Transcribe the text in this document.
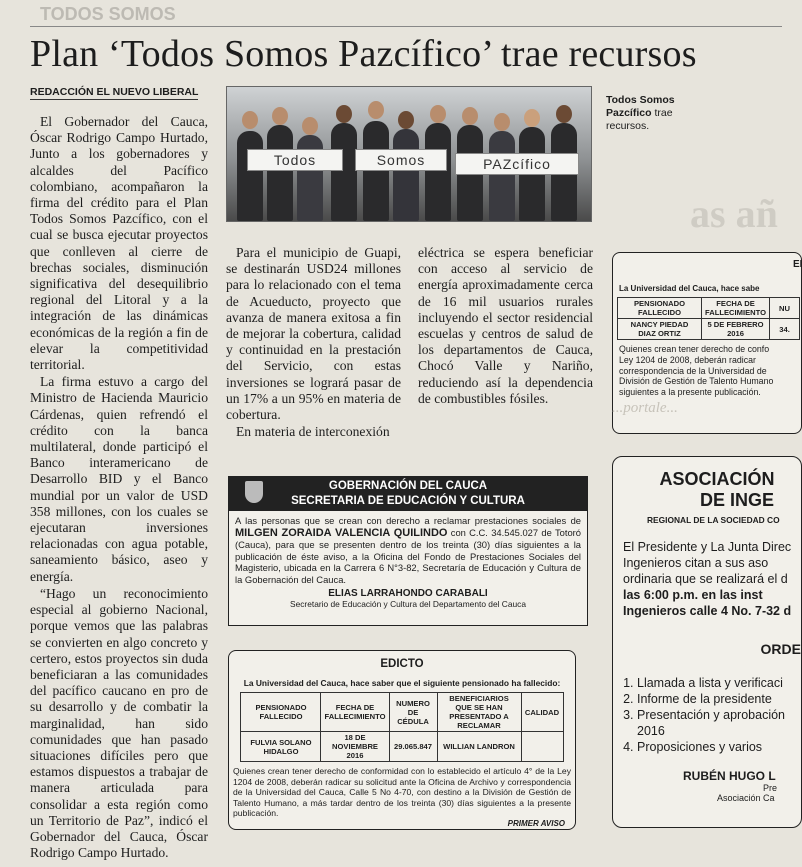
TODOS SOMOS
Plan ‘Todos Somos Pazcífico’ trae recursos
REDACCIÓN EL NUEVO LIBERAL

El Gobernador del Cauca, Óscar Rodrigo Campo Hurtado, Junto a los gobernadores y alcaldes del Pacífico colombiano, acompañaron la firma del crédito para el Plan Todos Somos Pazcífico, con el cual se busca ejecutar proyectos que conlleven al cierre de brechas sociales, disminución significativa del desequilibrio regional del Litoral y a la integración de las dinámicas económicas de la región a fin de elevar la competitividad territorial.

La firma estuvo a cargo del Ministro de Hacienda Mauricio Cárdenas, quien refrendó el crédito con la banca multilateral, donde participó el Banco interamericano de Desarrollo BID y el Banco mundial por un valor de USD 358 millones, con los cuales se ejecutaran inversiones relacionadas con agua potable, saneamiento básico, aseo y energía.

“Hago un reconocimiento especial al gobierno Nacional, porque vemos que las palabras se convierten en algo concreto y certero, estos proyectos sin duda beneficiaran a las comunidades del pacífico caucano en pro de su desarrollo y de combatir la marginalidad, han sido comunidades que han pasado situaciones difíciles pero que estamos dispuestos a trabajar de manera articulada para consolidar a esta región como un Territorio de Paz”, indicó el Gobernador del Cauca, Óscar Rodrigo Campo Hurtado.

Todos	Somos	PAZcífico
Todos Somos Pazcífico trae recursos.

Para el municipio de Guapi, se destinarán USD24 millones para lo relacionado con el tema de Acueducto, proyecto que avanza de manera exitosa a fin de mejorar la cobertura, calidad y continuidad en la prestación del Servicio, con estas inversiones se logrará pasar de un 17% a un 95% en materia de cobertura.

En materia de interconexión

eléctrica se espera beneficiar con acceso al servicio de energía aproximadamente cerca de 16 mil usuarios rurales incluyendo el sector residencial escuelas y centros de salud de los departamentos de Cauca, Chocó Valle y Nariño, reduciendo así la dependencia de combustibles fósiles.

GOBERNACIÓN DEL CAUCA
SECRETARIA DE EDUCACIÓN Y CULTURA
A las personas que se crean con derecho a reclamar prestaciones sociales de MILGEN ZORAIDA VALENCIA QUILINDO con C.C. 34.545.027 de Totoró (Cauca), para que se presenten dentro de los treinta (30) días siguientes a la publicación de éste aviso, a la Oficina del Fondo de Prestaciones Sociales del Magisterio, ubicada en la Carrera 6 N°3-82, Secretaría de Educación y Cultura de la Gobernación del Cauca.
ELIAS LARRAHONDO CARABALI
Secretario de Educación y Cultura del Departamento del Cauca
EDICTO
La Universidad del Cauca, hace saber que el siguiente pensionado ha fallecido:
PENSIONADO FALLECIDO	FECHA DE FALLECIMIENTO	NUMERO DE CÉDULA	BENEFICIARIOS QUE SE HAN PRESENTADO A RECLAMAR	CALIDAD
FULVIA SOLANO HIDALGO	18 DE NOVIEMBRE 2016	29.065.847	WILLIAN LANDRON	
Quienes crean tener derecho de conformidad con lo establecido el artículo 4° de la Ley 1204 de 2008, deberán radicar su solicitud ante la Oficina de Archivo y correspondencia de la Universidad del Cauca, Calle 5 No 4-70, con destino a la División de Gestión de Talento Humano, a más tardar dentro de los treinta (30) días siguientes a la presente publicación.
PRIMER AVISO
as añ
EI
La Universidad del Cauca, hace sabe
PENSIONADO FALLECIDO	FECHA DE FALLECIMIENTO	NU
NANCY PIEDAD DIAZ ORTIZ	5 DE FEBRERO 2016	34.
Quienes crean tener derecho de confo
Ley 1204 de 2008, deberán radicar
correspondencia de la Universidad de
División de Gestión de Talento Humano
siguientes a la presente publicación.
...portale...
ASOCIACIÓN
DE INGE
REGIONAL DE LA SOCIEDAD CO
El Presidente y La Junta Direc
Ingenieros citan a sus aso
ordinaria que se realizará el d
las 6:00 p.m. en las inst
Ingenieros calle 4 No. 7-32 d
ORDE
1. Llamada a lista y verificaci
2. Informe de la presidente
3. Presentación y aprobación
2016
4. Proposiciones y varios
RUBÉN HUGO L
Pre
Asociación Ca
